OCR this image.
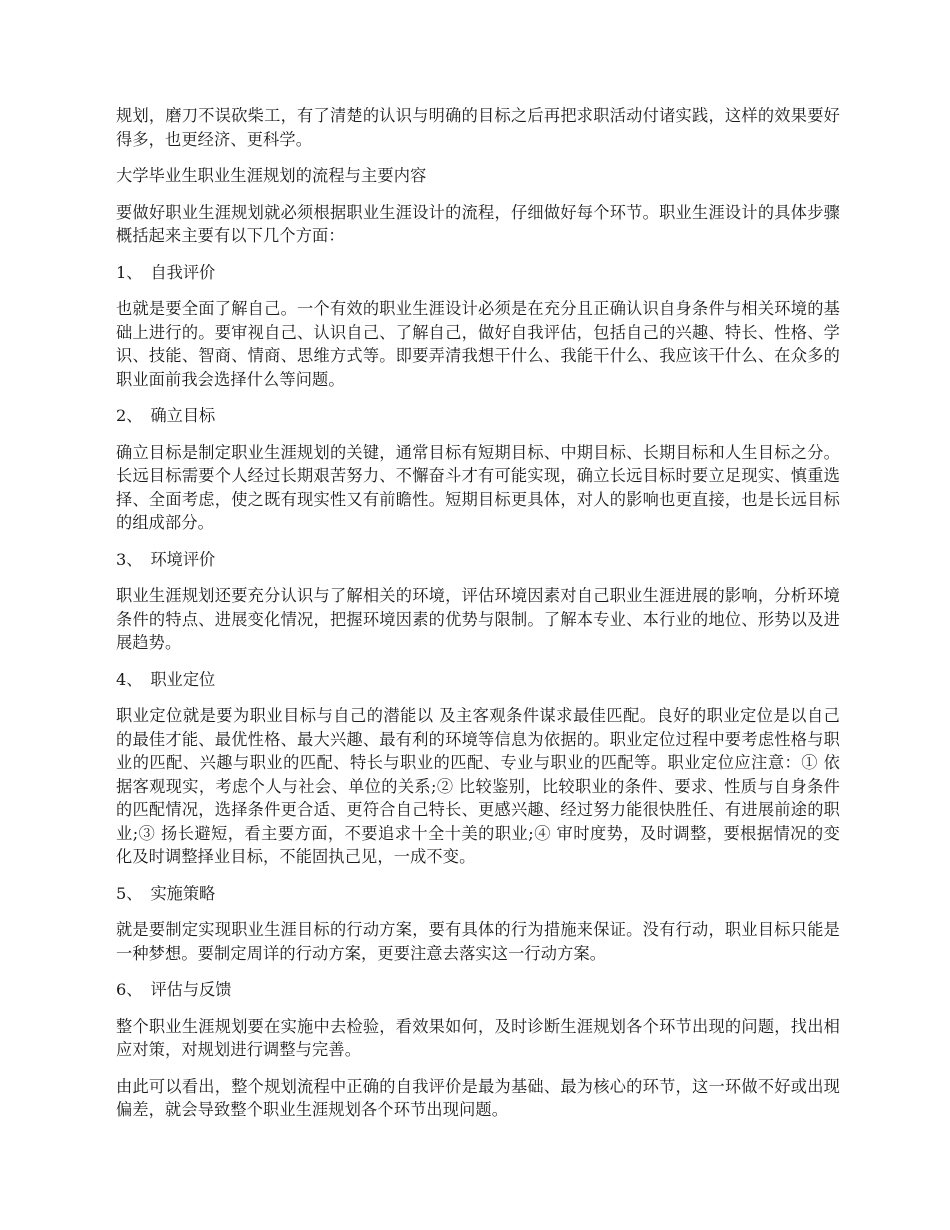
规划，磨刀不误砍柴工，有了清楚的认识与明确的目标之后再把求职活动付诸实践，这样的效果要好得多，也更经济、更科学。

大学毕业生职业生涯规划的流程与主要内容

要做好职业生涯规划就必须根据职业生涯设计的流程，仔细做好每个环节。职业生涯设计的具体步骤概括起来主要有以下几个方面：

1、 自我评价

也就是要全面了解自己。一个有效的职业生涯设计必须是在充分且正确认识自身条件与相关环境的基础上进行的。要审视自己、认识自己、了解自己，做好自我评估，包括自己的兴趣、特长、性格、学识、技能、智商、情商、思维方式等。即要弄清我想干什么、我能干什么、我应该干什么、在众多的职业面前我会选择什么等问题。

2、 确立目标

确立目标是制定职业生涯规划的关键，通常目标有短期目标、中期目标、长期目标和人生目标之分。长远目标需要个人经过长期艰苦努力、不懈奋斗才有可能实现，确立长远目标时要立足现实、慎重选择、全面考虑，使之既有现实性又有前瞻性。短期目标更具体，对人的影响也更直接，也是长远目标的组成部分。

3、 环境评价

职业生涯规划还要充分认识与了解相关的环境，评估环境因素对自己职业生涯进展的影响，分析环境条件的特点、进展变化情况，把握环境因素的优势与限制。了解本专业、本行业的地位、形势以及进展趋势。

4、 职业定位

职业定位就是要为职业目标与自己的潜能以 及主客观条件谋求最佳匹配。良好的职业定位是以自己的最佳才能、最优性格、最大兴趣、最有利的环境等信息为依据的。职业定位过程中要考虑性格与职业的匹配、兴趣与职业的匹配、特长与职业的匹配、专业与职业的匹配等。职业定位应注意：① 依据客观现实，考虑个人与社会、单位的关系;② 比较鉴别，比较职业的条件、要求、性质与自身条件的匹配情况，选择条件更合适、更符合自己特长、更感兴趣、经过努力能很快胜任、有进展前途的职业;③ 扬长避短，看主要方面，不要追求十全十美的职业;④ 审时度势，及时调整，要根据情况的变化及时调整择业目标，不能固执己见，一成不变。

5、 实施策略

就是要制定实现职业生涯目标的行动方案，要有具体的行为措施来保证。没有行动，职业目标只能是一种梦想。要制定周详的行动方案，更要注意去落实这一行动方案。

6、 评估与反馈

整个职业生涯规划要在实施中去检验，看效果如何，及时诊断生涯规划各个环节出现的问题，找出相应对策，对规划进行调整与完善。

由此可以看出，整个规划流程中正确的自我评价是最为基础、最为核心的环节，这一环做不好或出现偏差，就会导致整个职业生涯规划各个环节出现问题。
